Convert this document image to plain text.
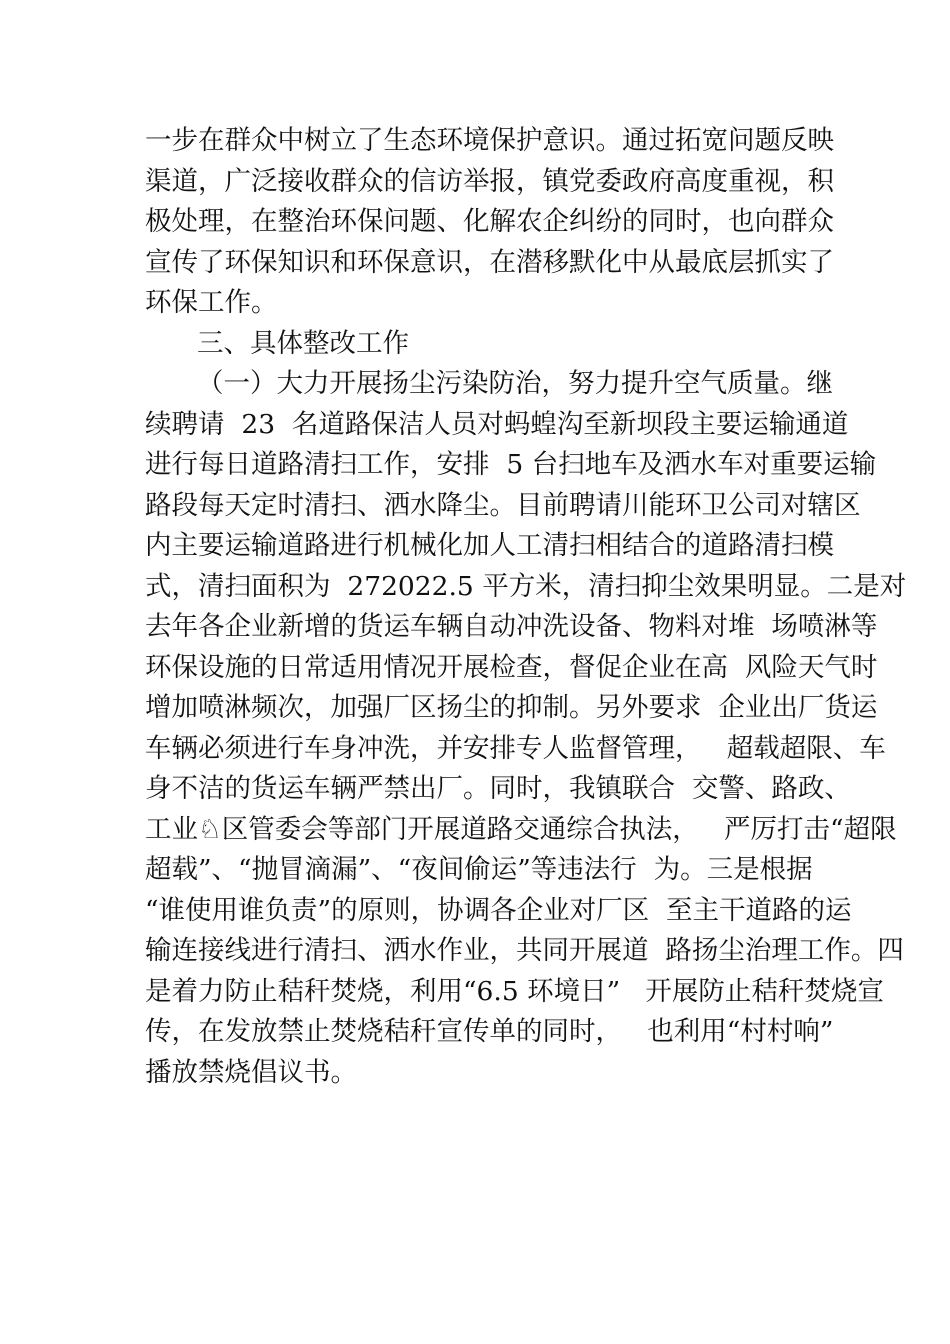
一步在群众中树立了生态环境保护意识。通过拓宽问题反映
渠道，广泛接收群众的信访举报，镇党委政府高度重视，积
极处理，在整治环保问题、化解农企纠纷的同时，也向群众
宣传了环保知识和环保意识，在潜移默化中从最底层抓实了
环保工作。
三、具体整改工作
（一）大力开展扬尘污染防治，努力提升空气质量。继
续聘请  23  名道路保洁人员对蚂蝗沟至新坝段主要运输通道
进行每日道路清扫工作，安排  5 台扫地车及洒水车对重要运输
路段每天定时清扫、洒水降尘。目前聘请川能环卫公司对辖区
内主要运输道路进行机械化加人工清扫相结合的道路清扫模
式，清扫面积为  272022.5 平方米，清扫抑尘效果明显。二是对
去年各企业新增的货运车辆自动冲洗设备、物料对堆  场喷淋等
环保设施的日常适用情况开展检查，督促企业在高  风险天气时
增加喷淋频次，加强厂区扬尘的抑制。另外要求  企业出厂货运
车辆必须进行车身冲洗，并安排专人监督管理，   超载超限、车
身不洁的货运车辆严禁出厂。同时，我镇联合  交警、路政、
工业♘区管委会等部门开展道路交通综合执法，   严厉打击“超限
超载”、“抛冒滴漏”、“夜间偷运”等违法行  为。三是根据
“谁使用谁负责”的原则，协调各企业对厂区  至主干道路的运
输连接线进行清扫、洒水作业，共同开展道  路扬尘治理工作。四
是着力防止秸秆焚烧，利用“6.5 环境日”   开展防止秸秆焚烧宣
传，在发放禁止焚烧秸秆宣传单的同时，   也利用“村村响”
播放禁烧倡议书。
